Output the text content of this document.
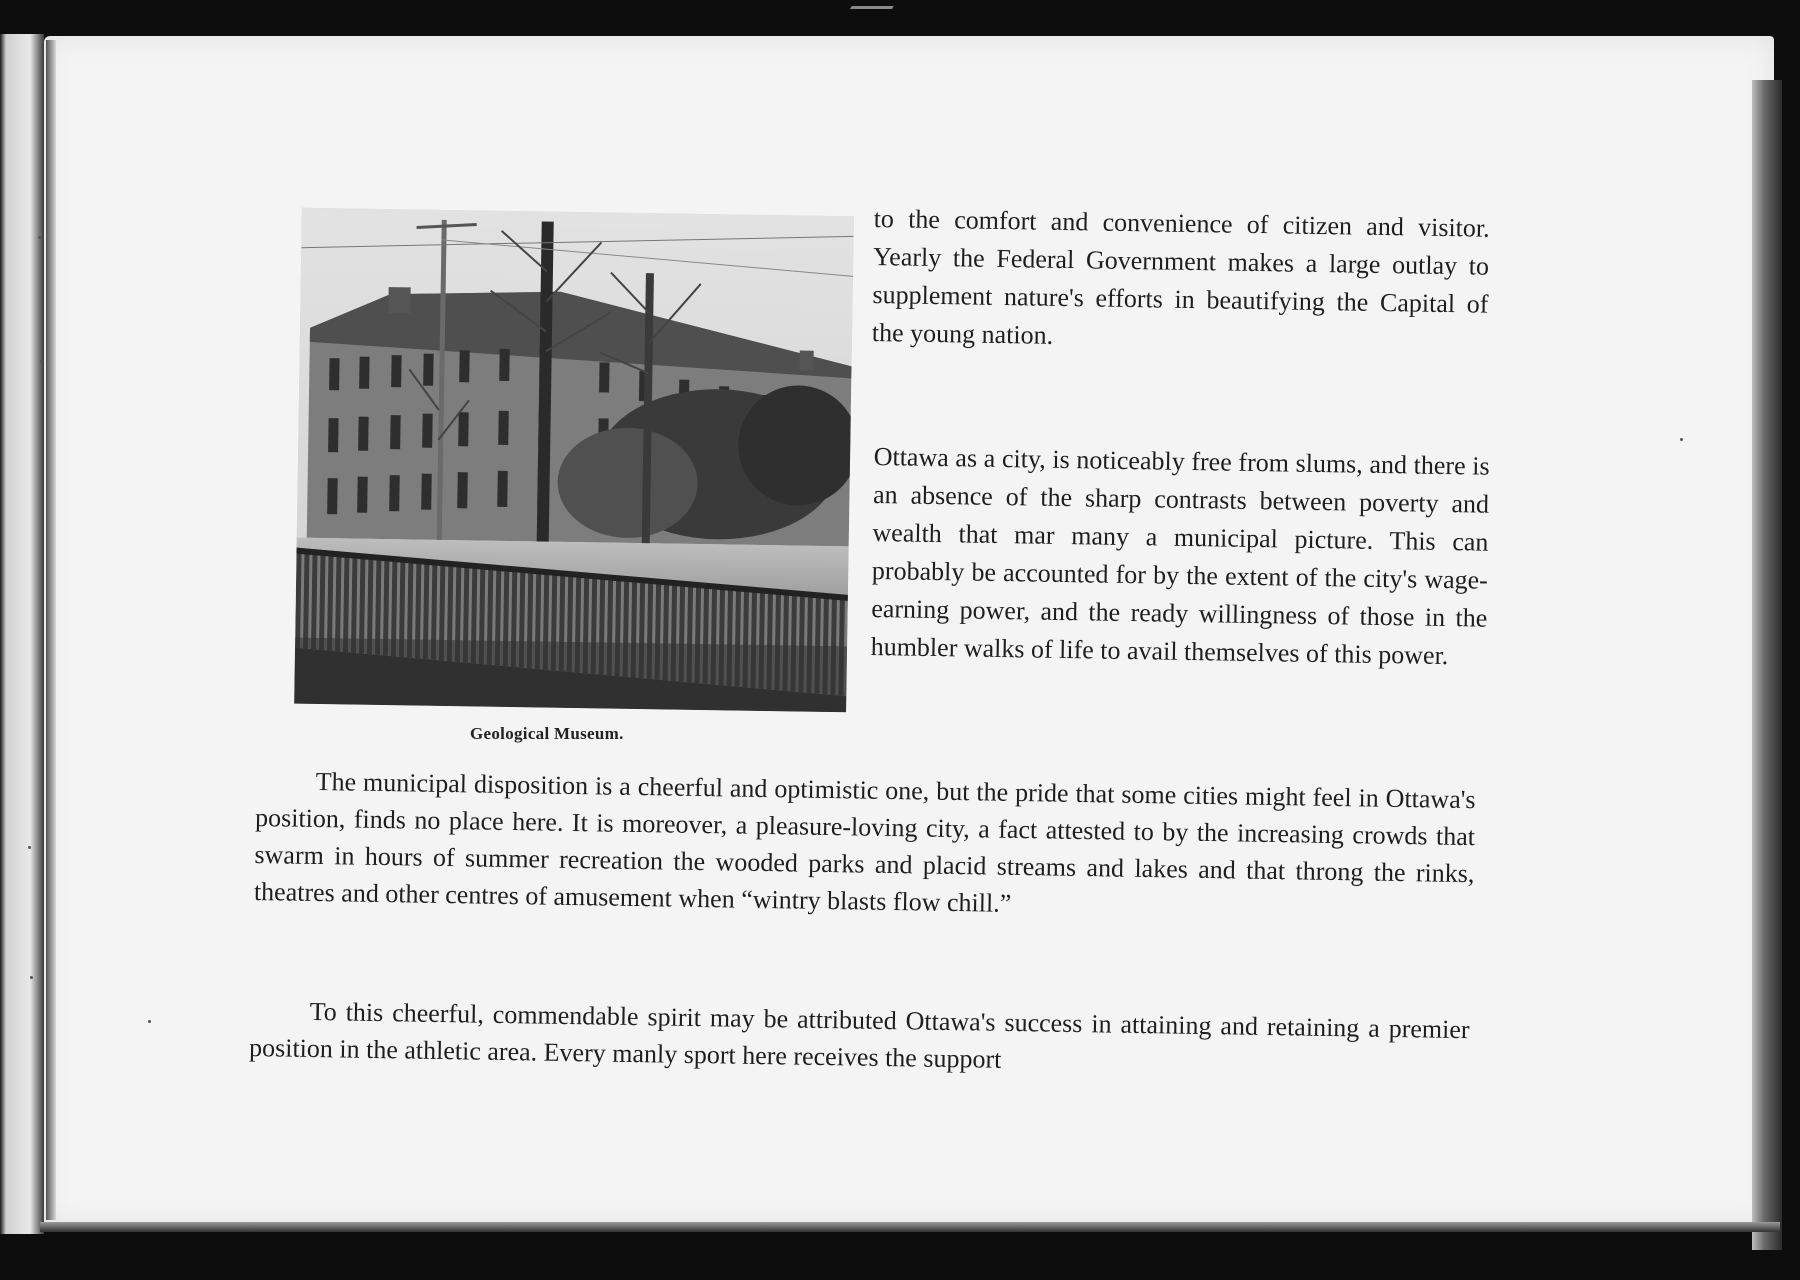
Geological Museum.

to the comfort and convenience of citizen and visitor. Yearly the Federal Government makes a large outlay to supplement nature's efforts in beautifying the Capital of the young nation.

Ottawa as a city, is noticeably free from slums, and there is an absence of the sharp contrasts between poverty and wealth that mar many a municipal picture. This can probably be accounted for by the extent of the city's wage-earning power, and the ready willingness of those in the humbler walks of life to avail themselves of this power.

The municipal disposition is a cheerful and optimistic one, but the pride that some cities might feel in Ottawa's position, finds no place here. It is moreover, a pleasure-loving city, a fact attested to by the increasing crowds that swarm in hours of summer recreation the wooded parks and placid streams and lakes and that throng the rinks, theatres and other centres of amusement when “wintry blasts flow chill.”

To this cheerful, commendable spirit may be attributed Ottawa's success in attaining and retaining a premier position in the athletic area. Every manly sport here receives the support
